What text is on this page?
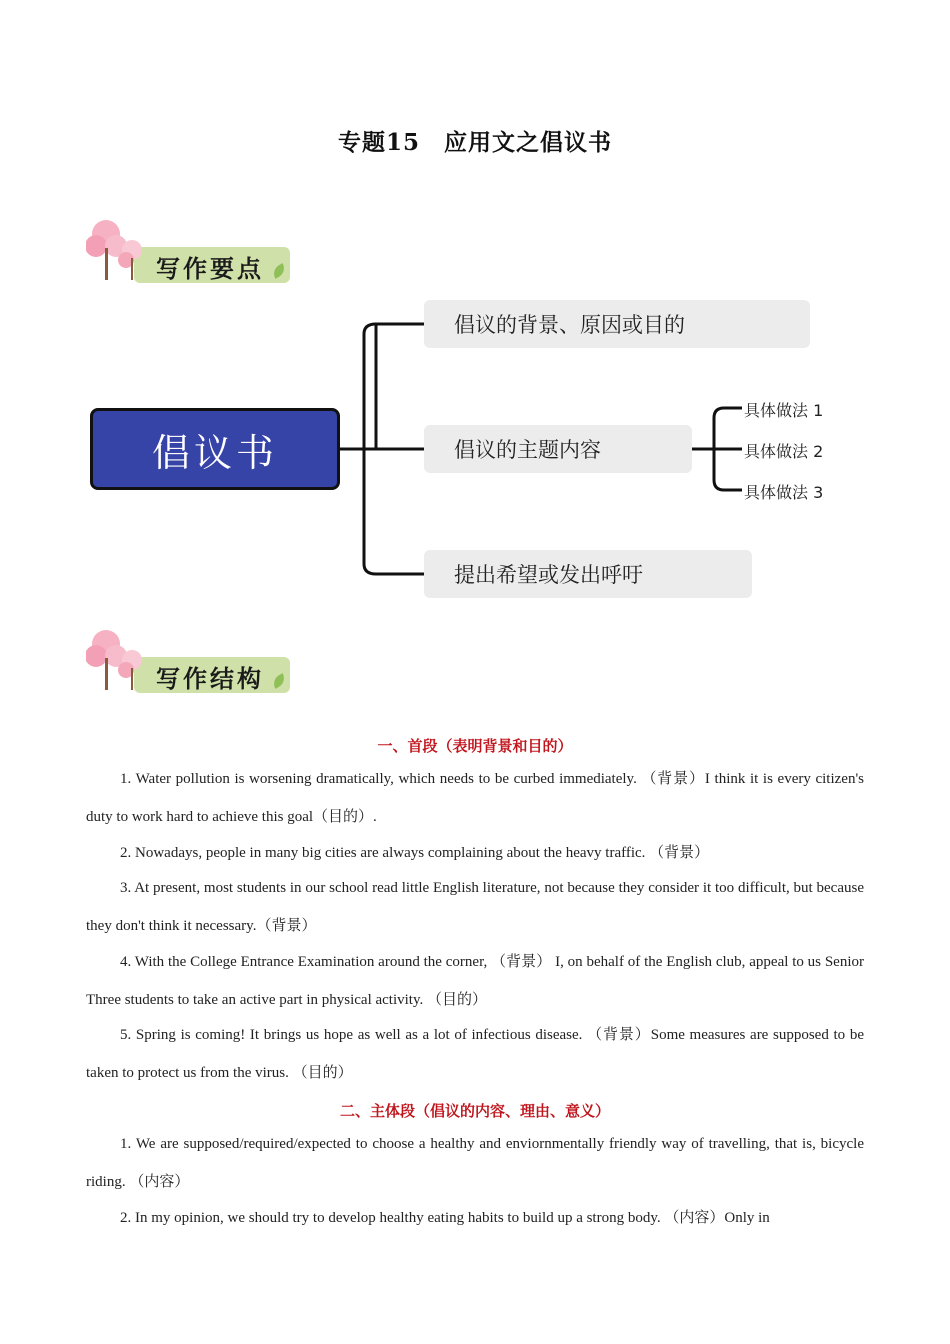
专题15　应用文之倡议书
写作要点
倡议书
倡议的背景、原因或目的
倡议的主题内容
提出希望或发出呼吁
具体做法 1
具体做法 2
具体做法 3
写作结构
一、首段（表明背景和目的）
1. Water pollution is worsening dramatically, which needs to be curbed immediately. （背景）I think it is every citizen's duty to work hard to achieve this goal（目的）.
2. Nowadays, people in many big cities are always complaining about the heavy traffic. （背景）
3. At present, most students in our school read little English literature, not because they consider it too difficult, but because they don't think it necessary.（背景）
4. With the College Entrance Examination around the corner, （背景） I, on behalf of the English club, appeal to us Senior Three students to take an active part in physical activity. （目的）
5. Spring is coming! It brings us hope as well as a lot of infectious disease. （背景）Some measures are supposed to be taken to protect us from the virus. （目的）
二、主体段（倡议的内容、理由、意义）
1. We are supposed/required/expected to choose a healthy and enviornmentally friendly way of travelling, that is, bicycle riding. （内容）
2. In my opinion, we should try to develop healthy eating habits to build up a strong body. （内容）Only in
